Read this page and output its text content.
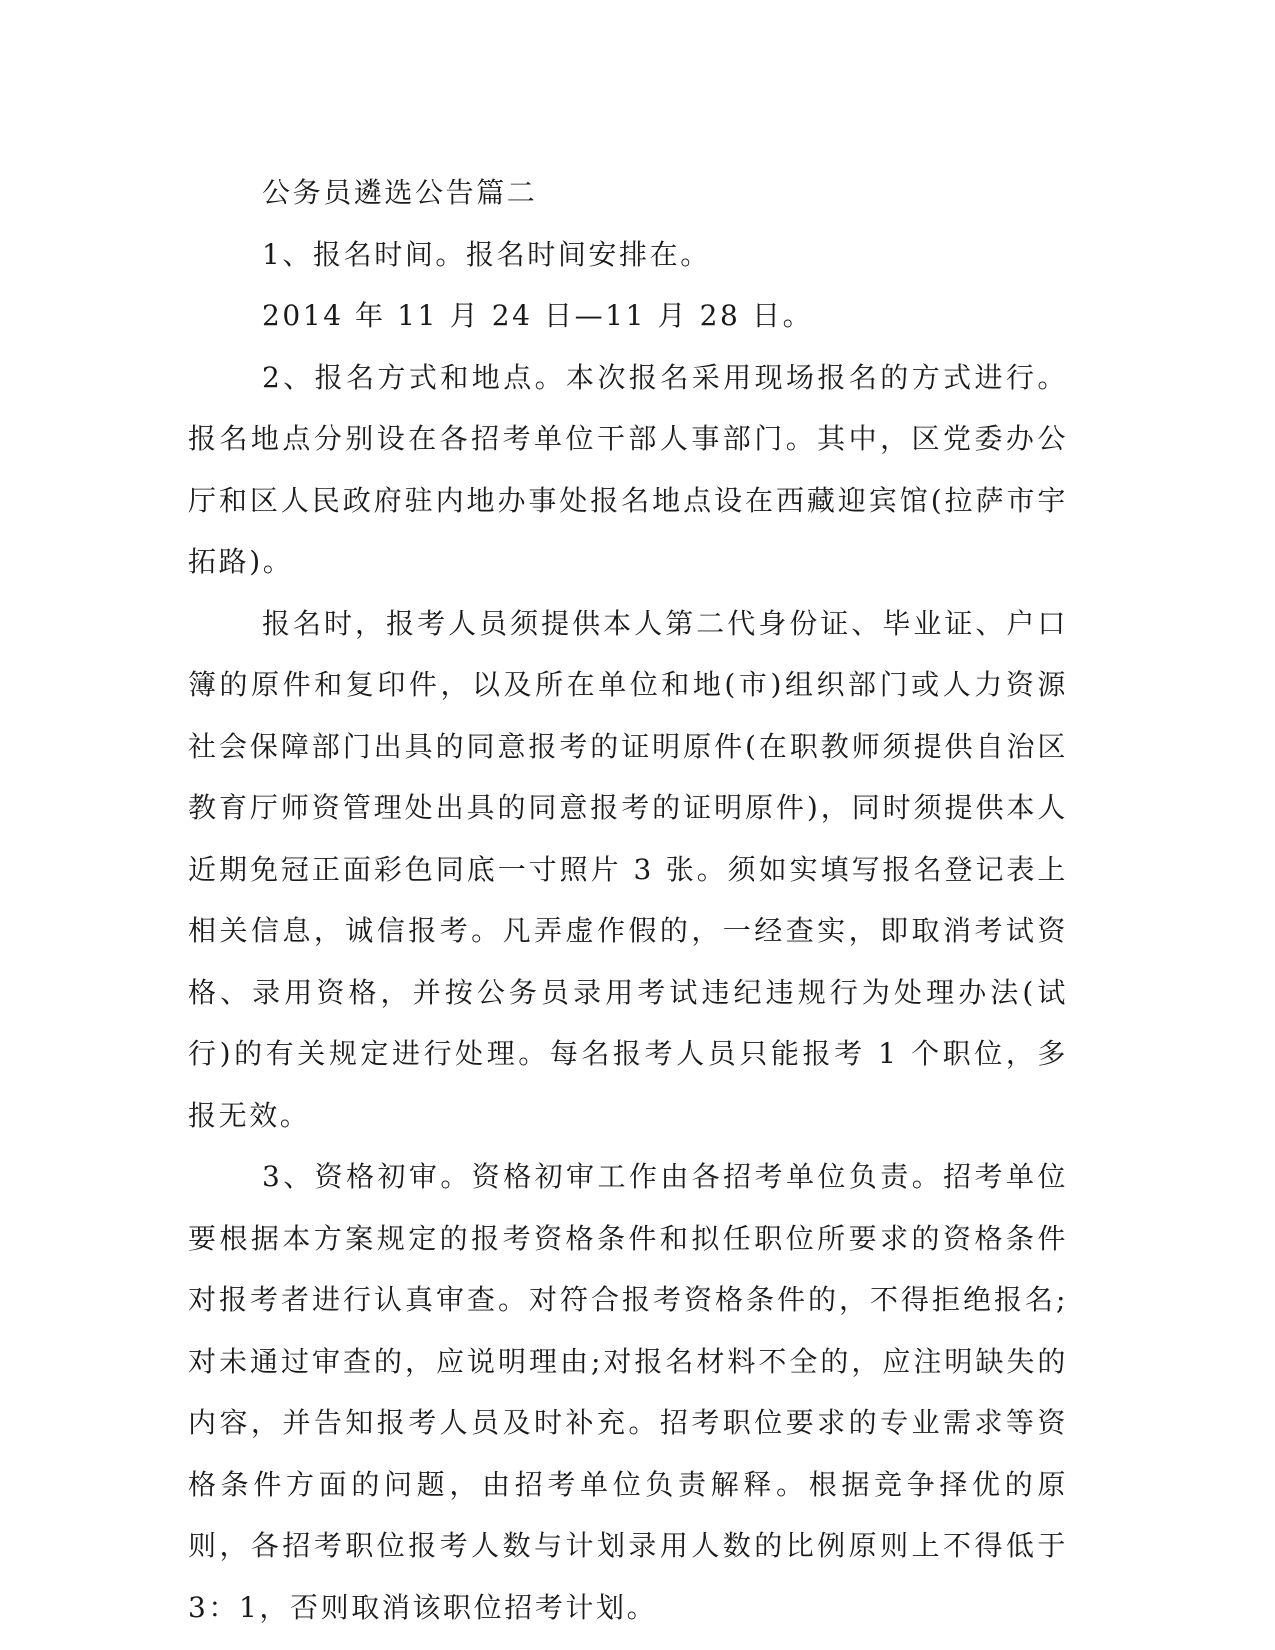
公务员遴选公告篇二

1、报名时间。报名时间安排在。

2014 年 11 月 24 日—11 月 28 日。

2、报名方式和地点。本次报名采用现场报名的方式进行。报名地点分别设在各招考单位干部人事部门。其中，区党委办公厅和区人民政府驻内地办事处报名地点设在西藏迎宾馆(拉萨市宇拓路)。

报名时，报考人员须提供本人第二代身份证、毕业证、户口簿的原件和复印件，以及所在单位和地(市)组织部门或人力资源社会保障部门出具的同意报考的证明原件(在职教师须提供自治区教育厅师资管理处出具的同意报考的证明原件)，同时须提供本人近期免冠正面彩色同底一寸照片 3 张。须如实填写报名登记表上相关信息，诚信报考。凡弄虚作假的，一经查实，即取消考试资格、录用资格，并按公务员录用考试违纪违规行为处理办法(试行)的有关规定进行处理。每名报考人员只能报考 1 个职位，多报无效。

3、资格初审。资格初审工作由各招考单位负责。招考单位要根据本方案规定的报考资格条件和拟任职位所要求的资格条件对报考者进行认真审查。对符合报考资格条件的，不得拒绝报名;对未通过审查的，应说明理由;对报名材料不全的，应注明缺失的内容，并告知报考人员及时补充。招考职位要求的专业需求等资格条件方面的问题，由招考单位负责解释。根据竞争择优的原则，各招考职位报考人数与计划录用人数的比例原则上不得低于 3：1，否则取消该职位招考计划。
